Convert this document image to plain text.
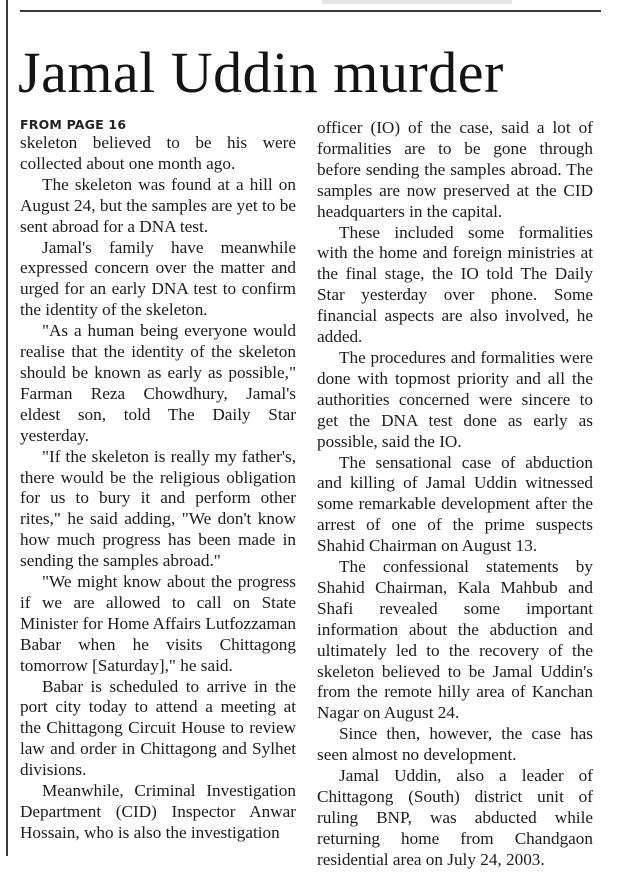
Jamal Uddin murder
FROM PAGE 16

skeleton believed to be his were collected about one month ago.

The skeleton was found at a hill on August 24, but the samples are yet to be sent abroad for a DNA test.

Jamal's family have meanwhile expressed concern over the matter and urged for an early DNA test to confirm the identity of the skeleton.

"As a human being everyone would realise that the identity of the skeleton should be known as early as possible," Farman Reza Chowdhury, Jamal's eldest son, told The Daily Star yesterday.

"If the skeleton is really my father's, there would be the religious obligation for us to bury it and perform other rites," he said adding, "We don't know how much progress has been made in sending the samples abroad."

"We might know about the progress if we are allowed to call on State Minister for Home Affairs Lutfozzaman Babar when he visits Chittagong tomorrow [Saturday]," he said.

Babar is scheduled to arrive in the port city today to attend a meeting at the Chittagong Circuit House to review law and order in Chittagong and Sylhet divisions.

Meanwhile, Criminal Investigation Department (CID) Inspector Anwar Hossain, who is also the investigation

officer (IO) of the case, said a lot of formalities are to be gone through before sending the samples abroad. The samples are now preserved at the CID headquarters in the capital.

These included some formalities with the home and foreign ministries at the final stage, the IO told The Daily Star yesterday over phone. Some financial aspects are also involved, he added.

The procedures and formalities were done with topmost priority and all the authorities concerned were sincere to get the DNA test done as early as possible, said the IO.

The sensational case of abduction and killing of Jamal Uddin witnessed some remarkable development after the arrest of one of the prime suspects Shahid Chairman on August 13.

The confessional statements by Shahid Chairman, Kala Mahbub and Shafi revealed some important information about the abduction and ultimately led to the recovery of the skeleton believed to be Jamal Uddin's from the remote hilly area of Kanchan Nagar on August 24.

Since then, however, the case has seen almost no development.

Jamal Uddin, also a leader of Chittagong (South) district unit of ruling BNP, was abducted while returning home from Chandgaon residential area on July 24, 2003.
